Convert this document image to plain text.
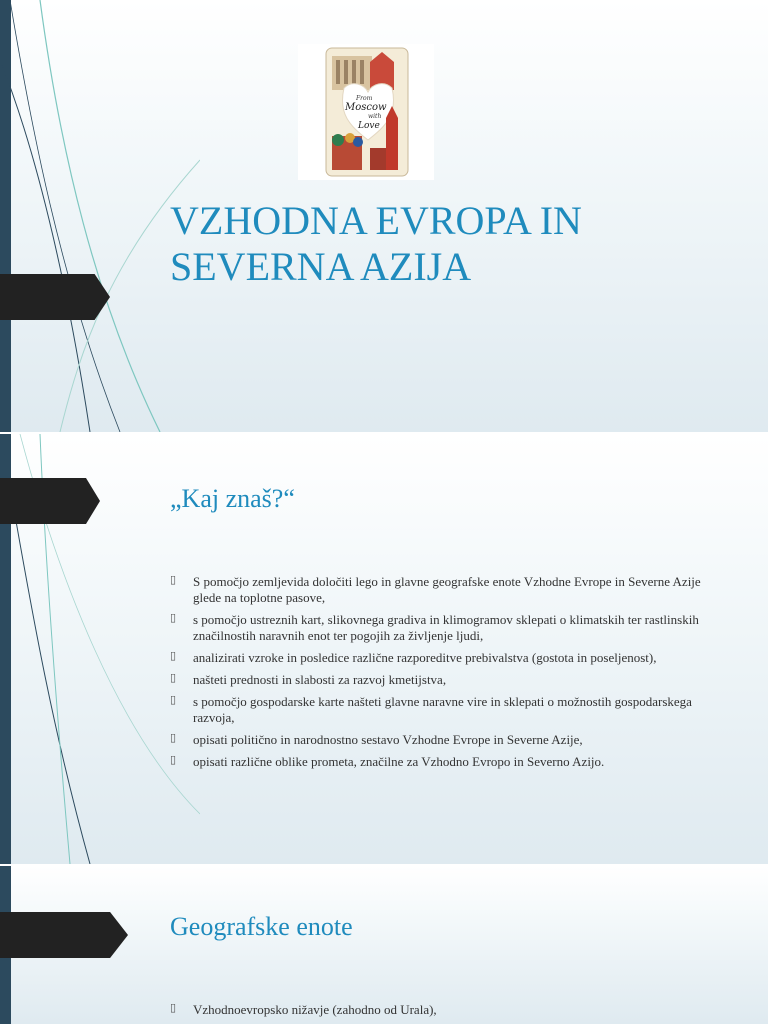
From
Moscow
with
Love
VZHODNA EVROPA IN SEVERNA AZIJA
„Kaj znaš?“
▯ S pomočjo zemljevida določiti lego in glavne geografske enote Vzhodne Evrope in Severne Azije glede na toplotne pasove,
▯ s pomočjo ustreznih kart, slikovnega gradiva in klimogramov sklepati o klimatskih ter rastlinskih značilnostih naravnih enot ter pogojih za življenje ljudi,
▯ analizirati vzroke in posledice različne razporeditve prebivalstva (gostota in poseljenost),
▯ našteti prednosti in slabosti za razvoj kmetijstva,
▯ s pomočjo gospodarske karte našteti glavne naravne vire in sklepati o možnostih gospodarskega razvoja,
▯ opisati politično in narodnostno sestavo Vzhodne Evrope in Severne Azije,
▯ opisati različne oblike prometa, značilne za Vzhodno Evropo in Severno Azijo.
Geografske enote
▯ Vzhodnoevropsko nižavje (zahodno od Urala),
